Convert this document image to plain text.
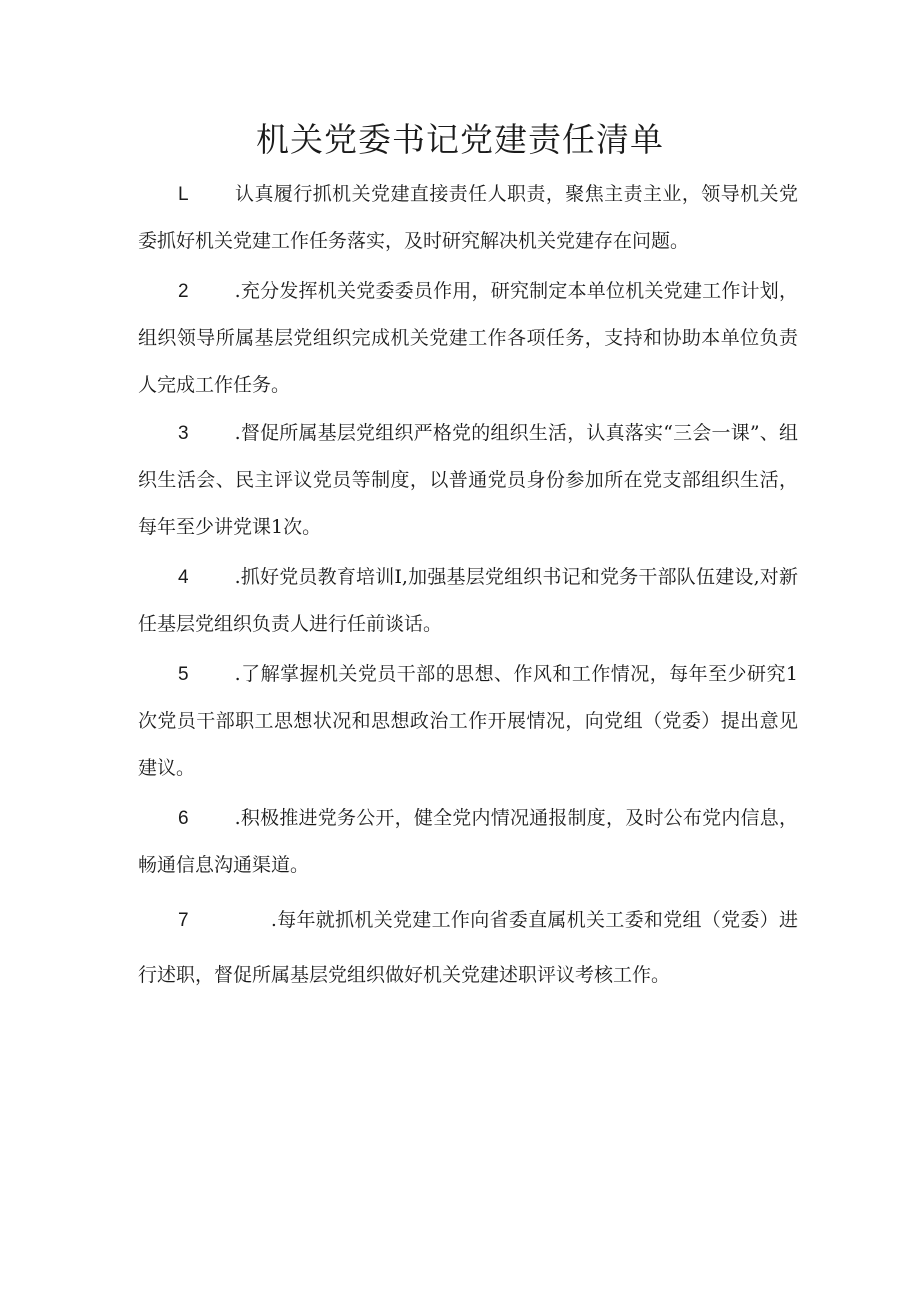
机关党委书记党建责任清单

L 认真履行抓机关党建直接责任人职责，聚焦主责主业，领导机关党委抓好机关党建工作任务落实，及时研究解决机关党建存在问题。

2 .充分发挥机关党委委员作用，研究制定本单位机关党建工作计划，组织领导所属基层党组织完成机关党建工作各项任务，支持和协助本单位负责人完成工作任务。

3 .督促所属基层党组织严格党的组织生活，认真落实“三会一课”、组织生活会、民主评议党员等制度，以普通党员身份参加所在党支部组织生活，每年至少讲党课1次。

4 .抓好党员教育培训I,加强基层党组织书记和党务干部队伍建设,对新任基层党组织负责人进行任前谈话。

5 .了解掌握机关党员干部的思想、作风和工作情况，每年至少研究1次党员干部职工思想状况和思想政治工作开展情况，向党组（党委）提出意见建议。

6 .积极推进党务公开，健全党内情况通报制度，及时公布党内信息，畅通信息沟通渠道。

7       .每年就抓机关党建工作向省委直属机关工委和党组（党委）进行述职，督促所属基层党组织做好机关党建述职评议考核工作。
